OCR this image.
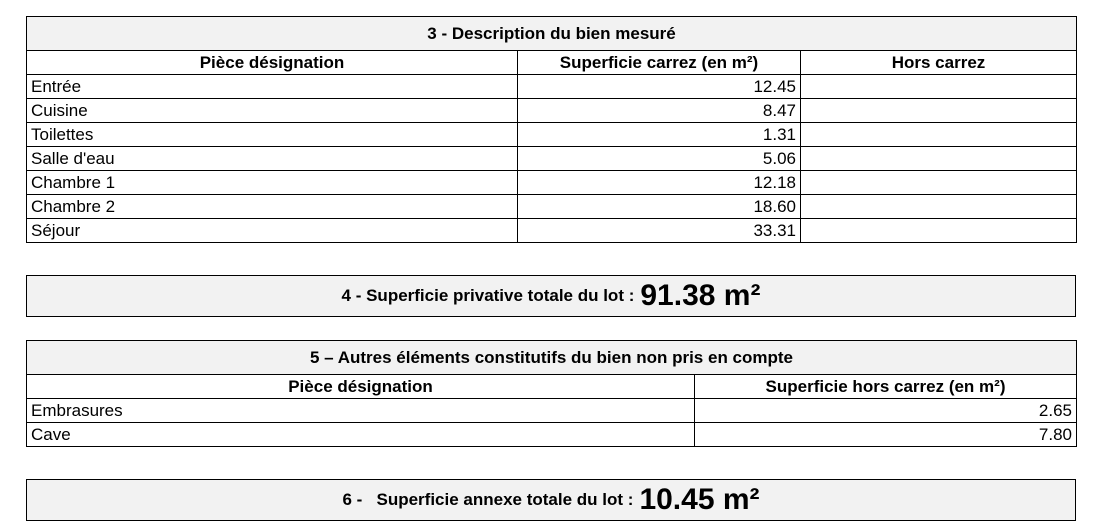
3 - Description du bien mesuré		
Pièce désignation	Superficie carrez (en m²)	Hors carrez
Entrée	12.45	
Cuisine	8.47	
Toilettes	1.31	
Salle d'eau	5.06	
Chambre 1	12.18	
Chambre 2	18.60	
Séjour	33.31	
4 - Superficie privative totale du lot : 91.38 m²
5 – Autres éléments constitutifs du bien non pris en compte	
Pièce désignation	Superficie hors carrez (en m²)
Embrasures	2.65
Cave	7.80
6 -   Superficie annexe totale du lot : 10.45 m²
